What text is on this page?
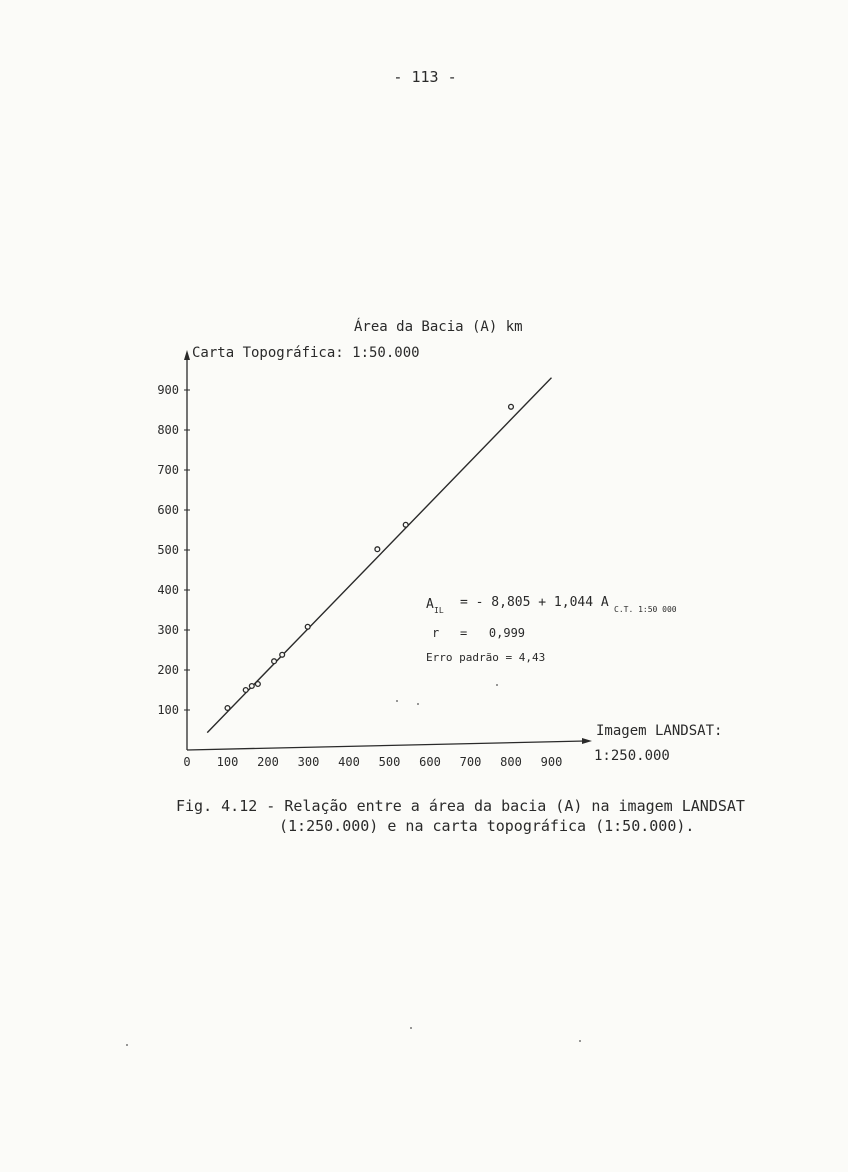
- 113 -
Área da Bacia (A) km
Carta Topográfica: 1:50.000
Imagem LANDSAT:
1:250.000
0 100 200 300 400 500 600 700 800 900
100
200
300
400
500
600
700
800
900
A IL
= - 8,805 + 1,044 A C.T. 1:50 000
r =   0,999
Erro padrão = 4,43
Fig. 4.12 - Relação entre a área da bacia (A) na imagem LANDSAT
(1:250.000) e na carta topográfica (1:50.000).
